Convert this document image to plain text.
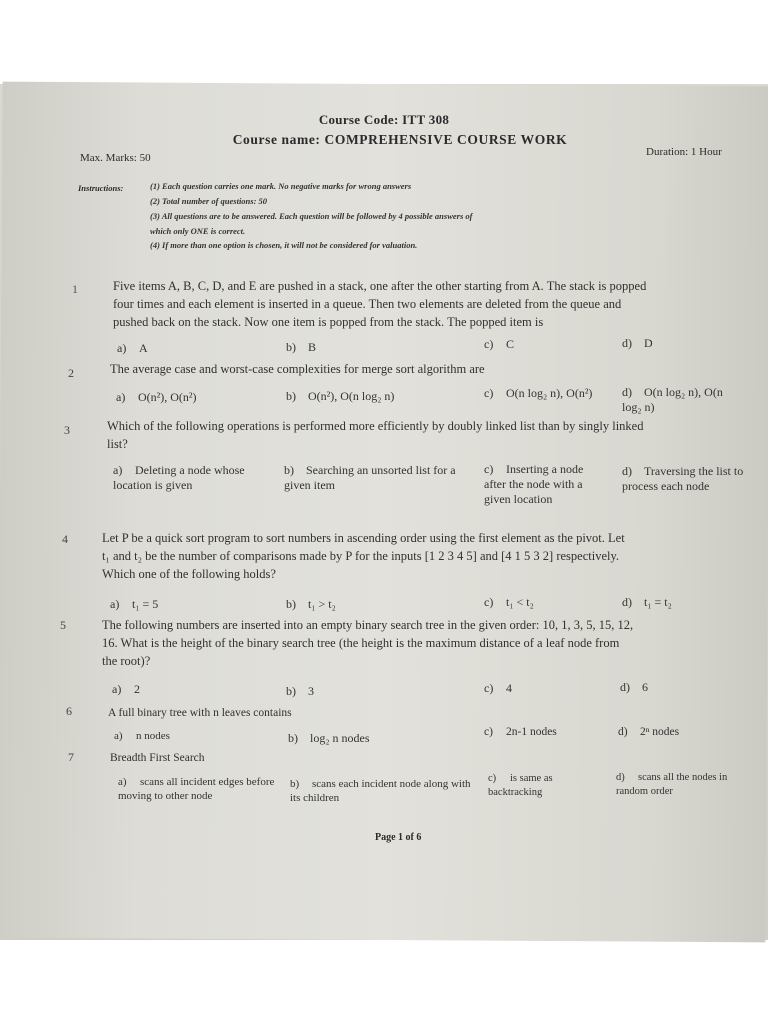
Course Code: ITT 308
Course name: COMPREHENSIVE COURSE WORK
Max. Marks: 50	Duration: 1 Hour
Instructions:	(1) Each question carries one mark. No negative marks for wrong answers
(2) Total number of questions: 50
(3) All questions are to be answered. Each question will be followed by 4 possible answers of
which only ONE is correct.
(4) If more than one option is chosen, it will not be considered for valuation.
1	Five items A, B, C, D, and E are pushed in a stack, one after the other starting from A. The stack is popped
four times and each element is inserted in a queue. Then two elements are deleted from the queue and
pushed back on the stack. Now one item is popped from the stack. The popped item is
a) A	b) B	c) C	d) D
2	The average case and worst-case complexities for merge sort algorithm are
a) O(n²), O(n²)	b) O(n²), O(n log₂ n)	c) O(n log₂ n), O(n²)	d) O(n log₂ n), O(n log₂ n)
3	Which of the following operations is performed more efficiently by doubly linked list than by singly linked
list?
a) Deleting a node whose location is given
b) Searching an unsorted list for a given item
c) Inserting a node after the node with a given location
d) Traversing the list to process each node
4	Let P be a quick sort program to sort numbers in ascending order using the first element as the pivot. Let
t₁ and t₂ be the number of comparisons made by P for the inputs [1 2 3 4 5] and [4 1 5 3 2] respectively.
Which one of the following holds?
a) t₁ = 5	b) t₁ > t₂	c) t₁ < t₂	d) t₁ = t₂
5	The following numbers are inserted into an empty binary search tree in the given order: 10, 1, 3, 5, 15, 12,
16. What is the height of the binary search tree (the height is the maximum distance of a leaf node from
the root)?
a) 2	b) 3	c) 4	d) 6
6	A full binary tree with n leaves contains
a) n nodes	b) log₂ n nodes	c) 2n-1 nodes	d) 2ⁿ nodes
7	Breadth First Search
a) scans all incident edges before moving to other node
b) scans each incident node along with its children
c) is same as backtracking
d) scans all the nodes in random order
Page 1 of 6
